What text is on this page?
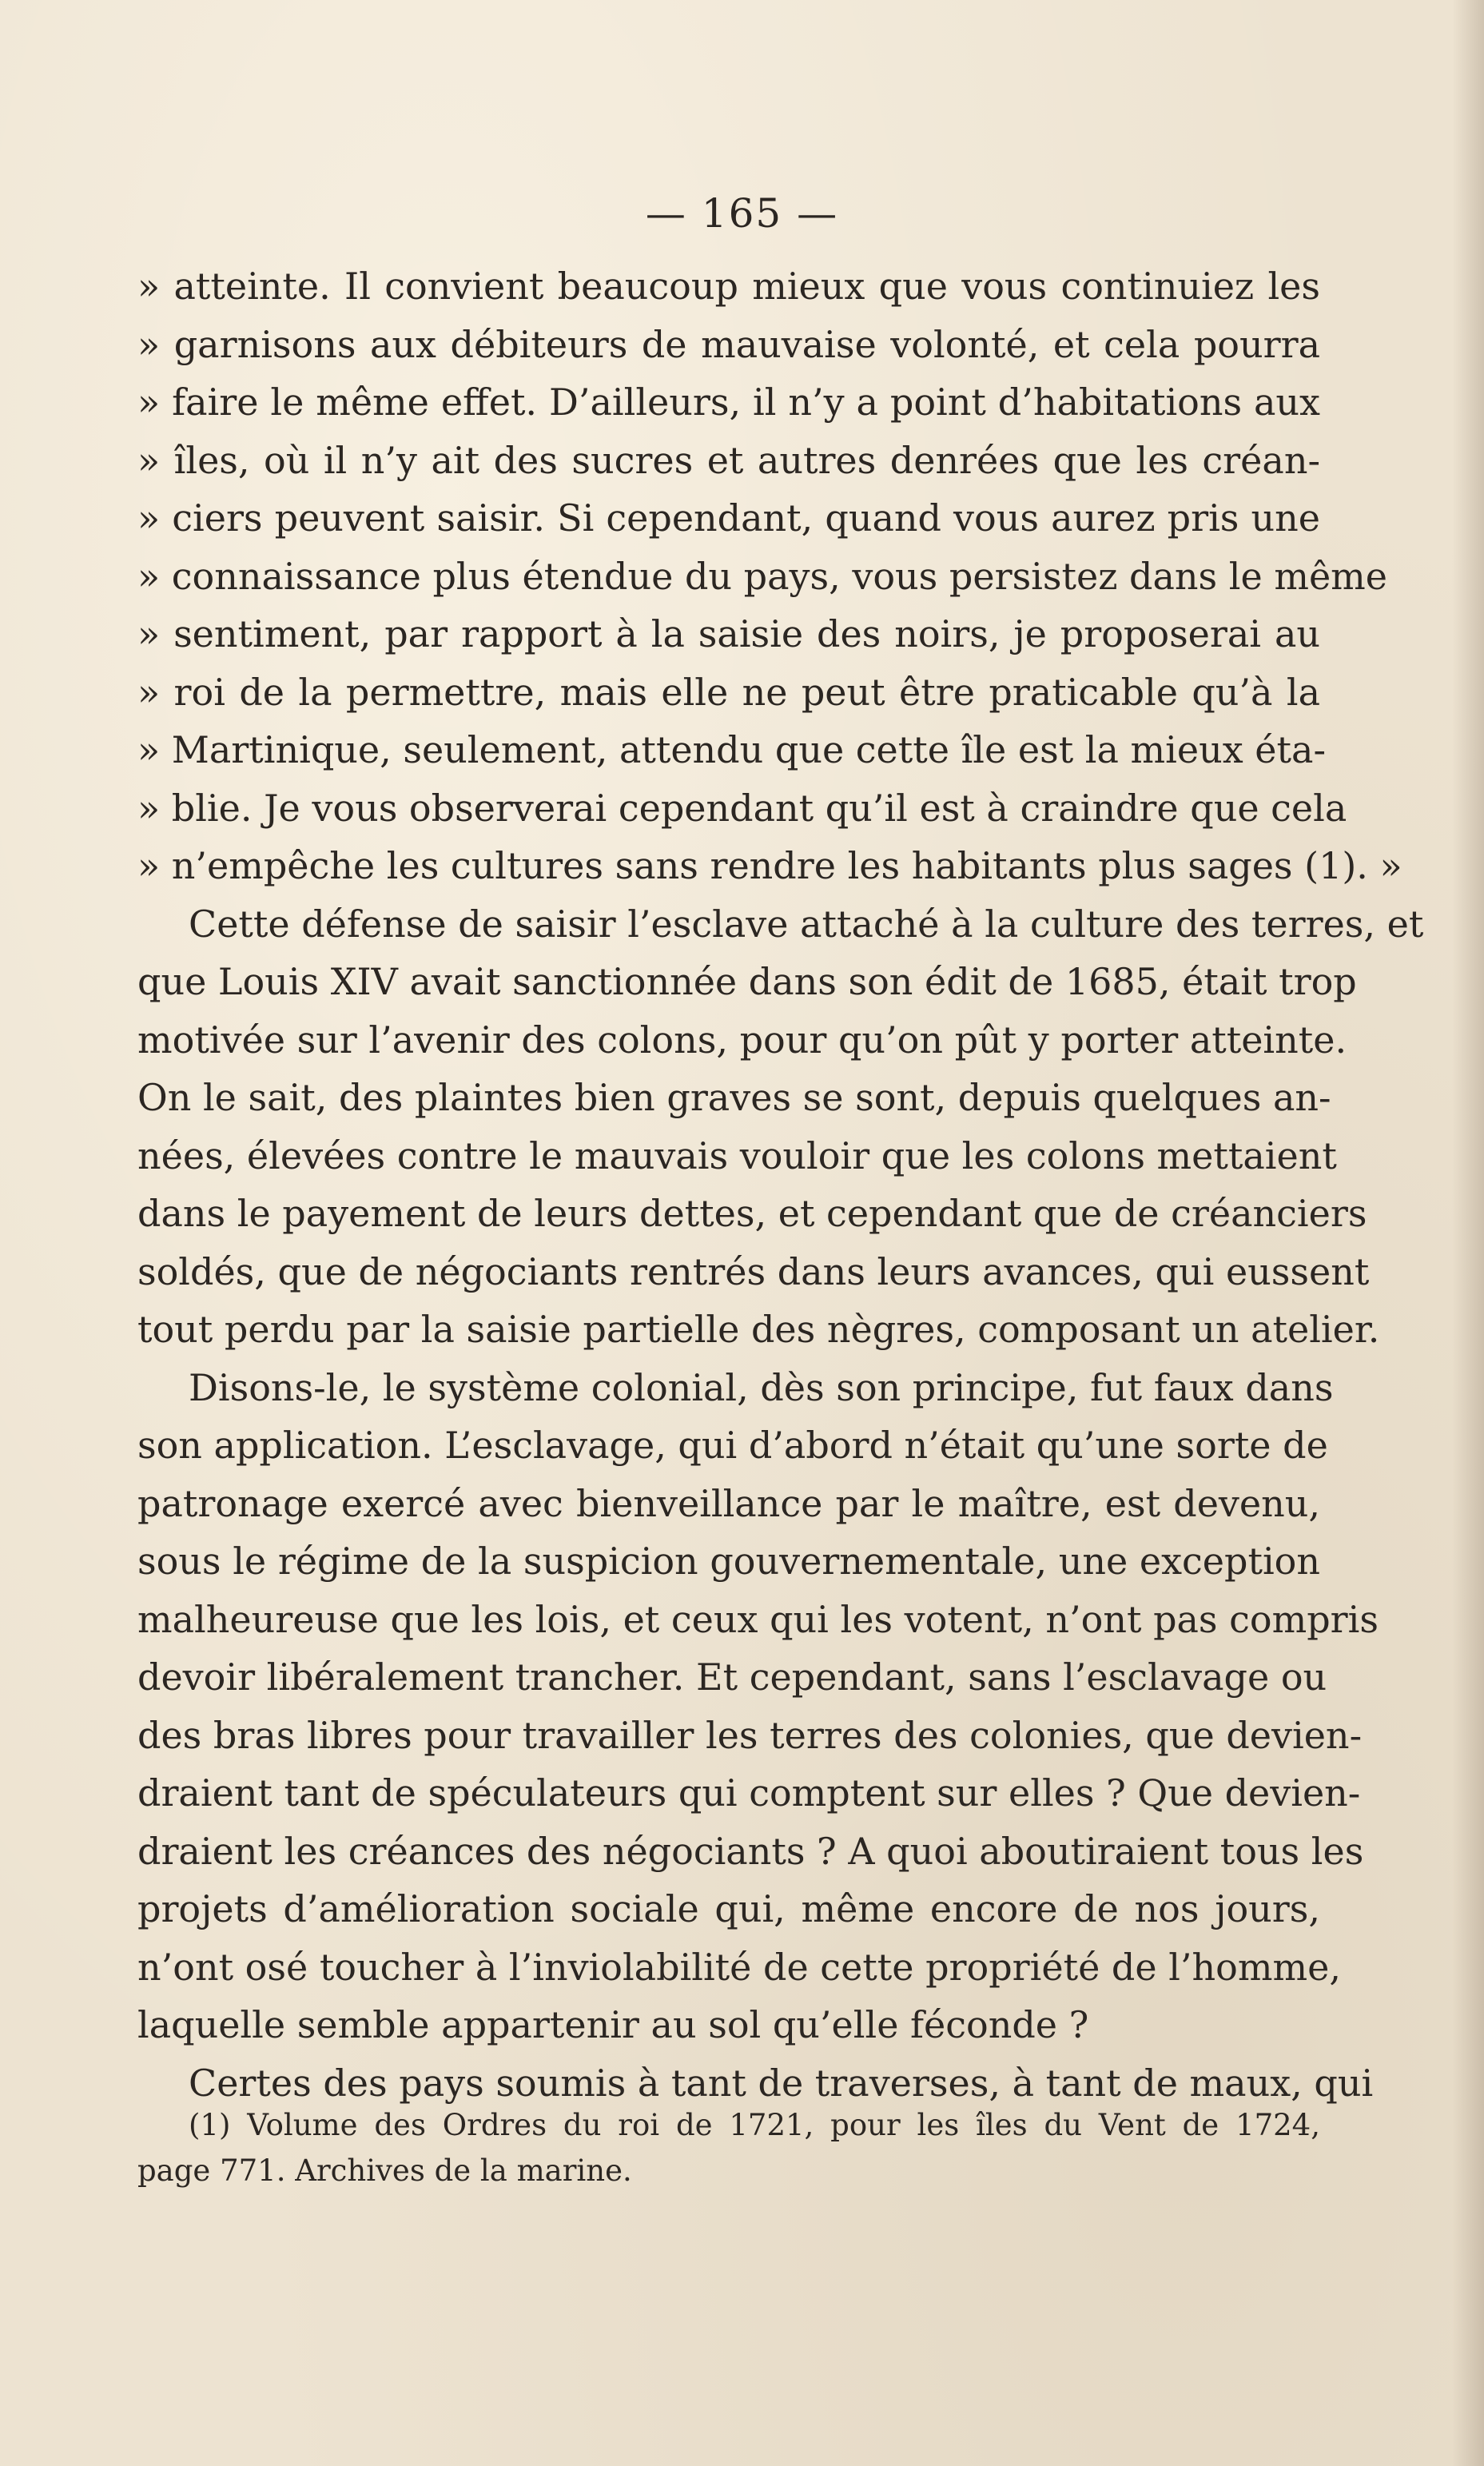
— 165 —
» atteinte. Il convient beaucoup mieux que vous continuiez les
» garnisons aux débiteurs de mauvaise volonté, et cela pourra
» faire le même effet. D’ailleurs, il n’y a point d’habitations aux
» îles, où il n’y ait des sucres et autres denrées que les créan-
» ciers peuvent saisir. Si cependant, quand vous aurez pris une
» connaissance plus étendue du pays, vous persistez dans le même
» sentiment, par rapport à la saisie des noirs, je proposerai au
» roi de la permettre, mais elle ne peut être praticable qu’à la
» Martinique, seulement, attendu que cette île est la mieux éta-
» blie. Je vous observerai cependant qu’il est à craindre que cela
» n’empêche les cultures sans rendre les habitants plus sages (1). »
Cette défense de saisir l’esclave attaché à la culture des terres, et
que Louis XIV avait sanctionnée dans son édit de 1685, était trop
motivée sur l’avenir des colons, pour qu’on pût y porter atteinte.
On le sait, des plaintes bien graves se sont, depuis quelques an-
nées, élevées contre le mauvais vouloir que les colons mettaient
dans le payement de leurs dettes, et cependant que de créanciers
soldés, que de négociants rentrés dans leurs avances, qui eussent
tout perdu par la saisie partielle des nègres, composant un atelier.
Disons-le, le système colonial, dès son principe, fut faux dans
son application. L’esclavage, qui d’abord n’était qu’une sorte de
patronage exercé avec bienveillance par le maître, est devenu,
sous le régime de la suspicion gouvernementale, une exception
malheureuse que les lois, et ceux qui les votent, n’ont pas compris
devoir libéralement trancher. Et cependant, sans l’esclavage ou
des bras libres pour travailler les terres des colonies, que devien-
draient tant de spéculateurs qui comptent sur elles ? Que devien-
draient les créances des négociants ? A quoi aboutiraient tous les
projets d’amélioration sociale qui, même encore de nos jours,
n’ont osé toucher à l’inviolabilité de cette propriété de l’homme,
laquelle semble appartenir au sol qu’elle féconde ?
Certes des pays soumis à tant de traverses, à tant de maux, qui
(1) Volume des Ordres du roi de 1721, pour les îles du Vent de 1724,
page 771. Archives de la marine.
